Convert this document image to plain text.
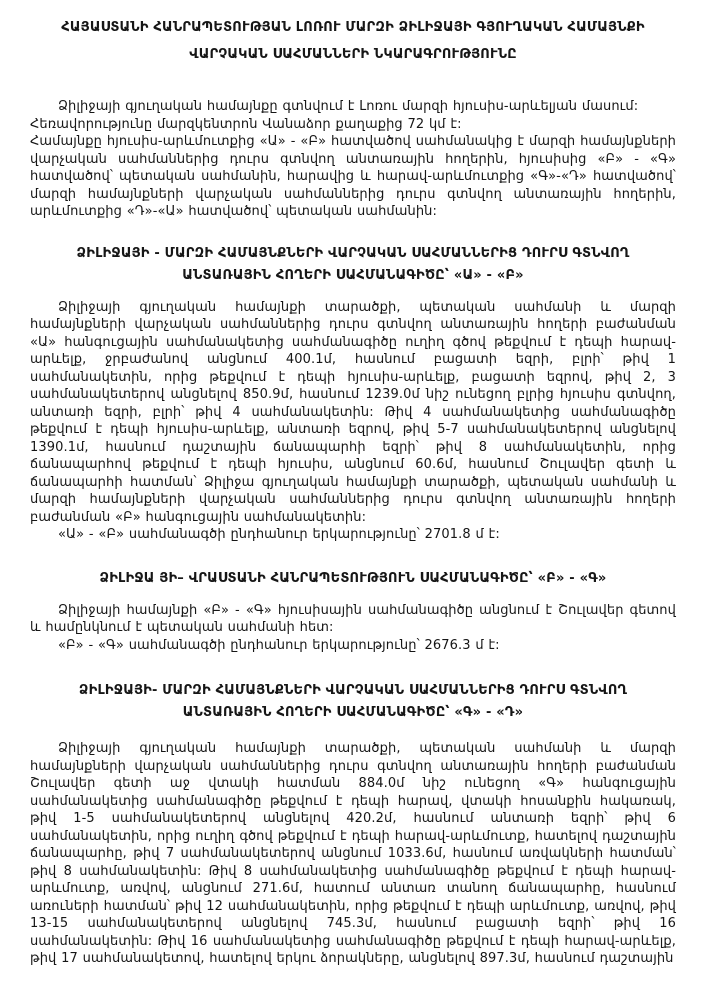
ՀԱՅԱՍՏԱՆԻ ՀԱՆՐԱՊԵՏՈՒԹՅԱՆ ԼՈՌՈՒ ՄԱՐԶԻ ՁԻԼԻՋԱՅԻ ԳՅՈՒՂԱԿԱՆ ՀԱՄԱՅՆՔԻ
ՎԱՐՉԱԿԱՆ ՍԱՀՄԱՆՆԵՐԻ ՆԿԱՐԱԳՐՈՒԹՅՈՒՆԸ

Ձիլիջայի գյուղական համայնքը գտնվում է Լոռու մարզի հյուսիս-արևելյան մասում:

Հեռավորությունը մարզկենտրոն Վանաձոր քաղաքից 72 կմ է:

Համայնքը հյուսիս-արևմուտքից «Ա» - «Բ» հատվածով սահմանակից է մարզի համայնքների վարչական սահմաններից դուրս գտնվող անտառային հողերին, հյուսիսից «Բ» - «Գ» հատվածով՝ պետական սահմանին, հարավից և հարավ-արևմուտքից «Գ»-«Դ» հատվածով՝ մարզի համայնքների վարչական սահմաններից դուրս գտնվող անտառային հողերին, արևմուտքից «Դ»-«Ա» հատվածով՝ պետական սահմանին:

ՁԻԼԻՋԱՅԻ - ՄԱՐԶԻ ՀԱՄԱՅՆՔՆԵՐԻ ՎԱՐՉԱԿԱՆ ՍԱՀՄԱՆՆԵՐԻՑ ԴՈՒՐՍ ԳՏՆՎՈՂ
ԱՆՏԱՌԱՅԻՆ ՀՈՂԵՐԻ ՍԱՀՄԱՆԱԳԻԾԸ՝ «Ա» - «Բ»

Ձիլիջայի գյուղական համայնքի տարածքի, պետական սահմանի և մարզի համայնքների վարչական սահմաններից դուրս գտնվող անտառային հողերի բաժանման «Ա» հանգուցային սահմանակետից սահմանագիծը ուղիղ գծով թեքվում է դեպի հարավ-արևելք, ջրբաժանով անցնում 400.1մ, հասնում բացատի եզրի, բլրի՝ թիվ 1 սահմանակետին, որից թեքվում է դեպի հյուսիս-արևելք, բացատի եզրով, թիվ 2, 3 սահմանակետերով անցնելով 850.9մ, հասնում 1239.0մ նիշ ունեցող բլրից հյուսիս գտնվող, անտառի եզրի, բլրի՝ թիվ 4 սահմանակետին: Թիվ 4 սահմանակետից սահմանագիծը թեքվում է դեպի հյուսիս-արևելք, անտառի եզրով, թիվ 5-7 սահմանակետերով անցնելով 1390.1մ, հասնում դաշտային ճանապարհի եզրի՝ թիվ 8 սահմանակետին, որից ճանապարհով թեքվում է դեպի հյուսիս, անցնում 60.6մ, հասնում Շուլավեր գետի և ճանապարհի հատման՝ Ձիլիջա գյուղական համայնքի տարածքի, պետական սահմանի և մարզի համայնքների վարչական սահմաններից դուրս գտնվող անտառային հողերի բաժանման «Բ» հանգուցային սահմանակետին:

«Ա» - «Բ» սահմանագծի ընդհանուր երկարությունը՝ 2701.8 մ է:

ՁԻԼԻՋԱ ՅԻ– ՎՐԱՍՏԱՆԻ ՀԱՆՐԱՊԵՏՈՒԹՅՈՒՆ ՍԱՀՄԱՆԱԳԻԾԸ՝ «Բ» - «Գ»

Ձիլիջայի համայնքի «Բ» - «Գ» հյուսիսային սահմանագիծը անցնում է Շուլավեր գետով և համընկնում է պետական սահմանի հետ:

«Բ» - «Գ» սահմանագծի ընդհանուր երկարությունը՝ 2676.3 մ է:

ՁԻԼԻՋԱՅԻ- ՄԱՐԶԻ ՀԱՄԱՅՆՔՆԵՐԻ ՎԱՐՉԱԿԱՆ ՍԱՀՄԱՆՆԵՐԻՑ ԴՈՒՐՍ ԳՏՆՎՈՂ
ԱՆՏԱՌԱՅԻՆ ՀՈՂԵՐԻ ՍԱՀՄԱՆԱԳԻԾԸ՝ «Գ» - «Դ»

Ձիլիջայի գյուղական համայնքի տարածքի, պետական սահմանի և մարզի համայնքների վարչական սահմաններից դուրս գտնվող անտառային հողերի բաժանման Շուլավեր գետի աջ վտակի հատման 884.0մ նիշ ունեցող «Գ» հանգուցային սահմանակետից սահմանագիծը թեքվում է դեպի հարավ, վտակի հոսանքին հակառակ, թիվ 1-5 սահմանակետերով անցնելով 420.2մ, հասնում անտառի եզրի՝ թիվ 6 սահմանակետին, որից ուղիղ գծով թեքվում է դեպի հարավ-արևմուտք, հատելով դաշտային ճանապարհը, թիվ 7 սահմանակետերով անցնում 1033.6մ, հասնում առվակների հատման՝ թիվ 8 սահմանակետին: Թիվ 8 սահմանակետից սահմանագիծը թեքվում է դեպի հարավ-արևմուտք, առվով, անցնում 271.6մ, հատում անտառ տանող ճանապարհը, հասնում առուների հատման՝ թիվ 12 սահմանակետին, որից թեքվում է դեպի արևմուտք, առվով, թիվ 13-15 սահմանակետերով անցնելով 745.3մ, հասնում բացատի եզրի՝ թիվ 16 սահմանակետին: Թիվ 16 սահմանակետից սահմանագիծը թեքվում է դեպի հարավ-արևելք, թիվ 17 սահմանակետով, հատելով երկու ձորակները, անցնելով 897.3մ, հասնում դաշտային
